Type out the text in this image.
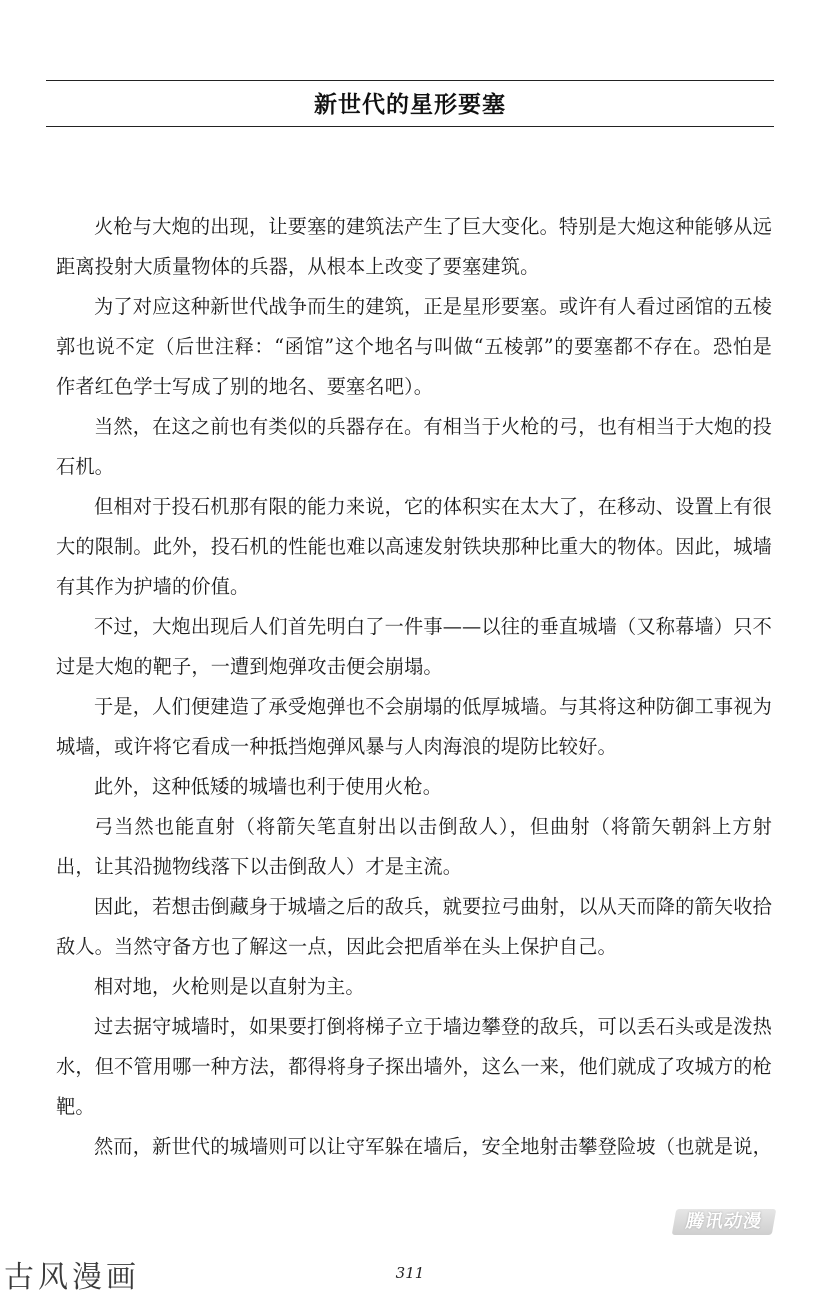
新世代的星形要塞

火枪与大炮的出现，让要塞的建筑法产生了巨大变化。特别是大炮这种能够从远距离投射大质量物体的兵器，从根本上改变了要塞建筑。

为了对应这种新世代战争而生的建筑，正是星形要塞。或许有人看过函馆的五棱郭也说不定（后世注释：“函馆”这个地名与叫做“五棱郭”的要塞都不存在。恐怕是作者红色学士写成了别的地名、要塞名吧）。

当然，在这之前也有类似的兵器存在。有相当于火枪的弓，也有相当于大炮的投石机。

但相对于投石机那有限的能力来说，它的体积实在太大了，在移动、设置上有很大的限制。此外，投石机的性能也难以高速发射铁块那种比重大的物体。因此，城墙有其作为护墙的价值。

不过，大炮出现后人们首先明白了一件事——以往的垂直城墙（又称幕墙）只不过是大炮的靶子，一遭到炮弹攻击便会崩塌。

于是，人们便建造了承受炮弹也不会崩塌的低厚城墙。与其将这种防御工事视为城墙，或许将它看成一种抵挡炮弹风暴与人肉海浪的堤防比较好。

此外，这种低矮的城墙也利于使用火枪。

弓当然也能直射（将箭矢笔直射出以击倒敌人），但曲射（将箭矢朝斜上方射出，让其沿抛物线落下以击倒敌人）才是主流。

因此，若想击倒藏身于城墙之后的敌兵，就要拉弓曲射，以从天而降的箭矢收拾敌人。当然守备方也了解这一点，因此会把盾举在头上保护自己。

相对地，火枪则是以直射为主。

过去据守城墙时，如果要打倒将梯子立于墙边攀登的敌兵，可以丢石头或是泼热水，但不管用哪一种方法，都得将身子探出墙外，这么一来，他们就成了攻城方的枪靶。

然而，新世代的城墙则可以让守军躲在墙后，安全地射击攀登险坡（也就是说，

腾讯动漫
古风漫画	311
